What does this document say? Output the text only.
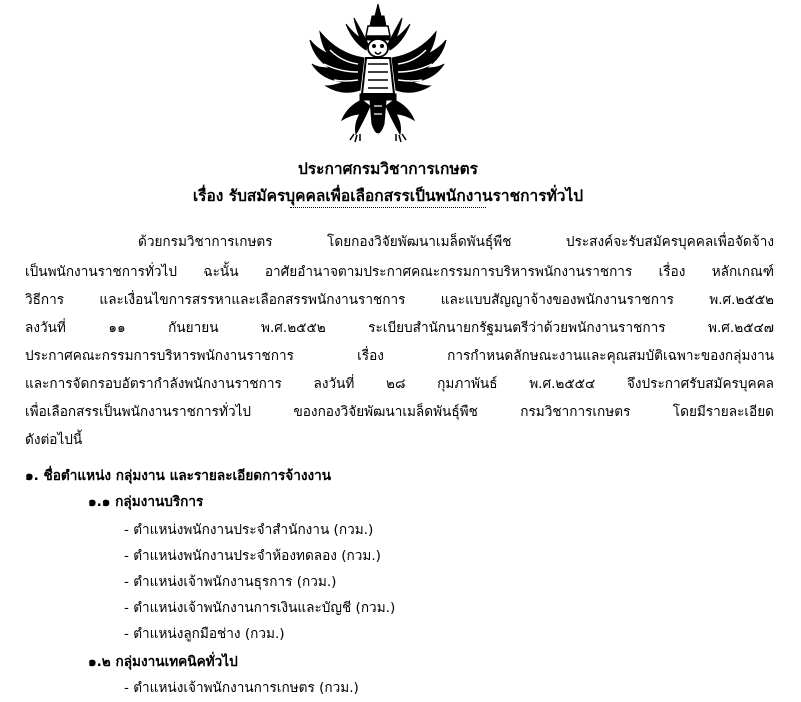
ประกาศกรมวิชาการเกษตร
เรื่อง รับสมัครบุคคลเพื่อเลือกสรรเป็นพนักงานราชการทั่วไป
ด้วยกรมวิชาการเกษตร โดยกองวิจัยพัฒนาเมล็ดพันธุ์พืช ประสงค์จะรับสมัครบุคคลเพื่อจัดจ้าง
เป็นพนักงานราชการทั่วไป ฉะนั้น อาศัยอำนาจตามประกาศคณะกรรมการบริหารพนักงานราชการ เรื่อง หลักเกณฑ์
วิธีการ และเงื่อนไขการสรรหาและเลือกสรรพนักงานราชการ และแบบสัญญาจ้างของพนักงานราชการ พ.ศ.๒๕๕๒
ลงวันที่ ๑๑ กันยายน พ.ศ.๒๕๕๒ ระเบียบสำนักนายกรัฐมนตรีว่าด้วยพนักงานราชการ พ.ศ.๒๕๔๗
ประกาศคณะกรรมการบริหารพนักงานราชการ เรื่อง การกำหนดลักษณะงานและคุณสมบัติเฉพาะของกลุ่มงาน
และการจัดกรอบอัตรากำลังพนักงานราชการ ลงวันที่ ๒๘ กุมภาพันธ์ พ.ศ.๒๕๕๔ จึงประกาศรับสมัครบุคคล
เพื่อเลือกสรรเป็นพนักงานราชการทั่วไป ของกองวิจัยพัฒนาเมล็ดพันธุ์พืช กรมวิชาการเกษตร โดยมีรายละเอียด
ดังต่อไปนี้
๑. ชื่อตำแหน่ง กลุ่มงาน และรายละเอียดการจ้างงาน
๑.๑ กลุ่มงานบริการ
- ตำแหน่งพนักงานประจำสำนักงาน (กวม.)
- ตำแหน่งพนักงานประจำห้องทดลอง (กวม.)
- ตำแหน่งเจ้าพนักงานธุรการ (กวม.)
- ตำแหน่งเจ้าพนักงานการเงินและบัญชี (กวม.)
- ตำแหน่งลูกมือช่าง (กวม.)
๑.๒ กลุ่มงานเทคนิคทั่วไป
- ตำแหน่งเจ้าพนักงานการเกษตร (กวม.)
